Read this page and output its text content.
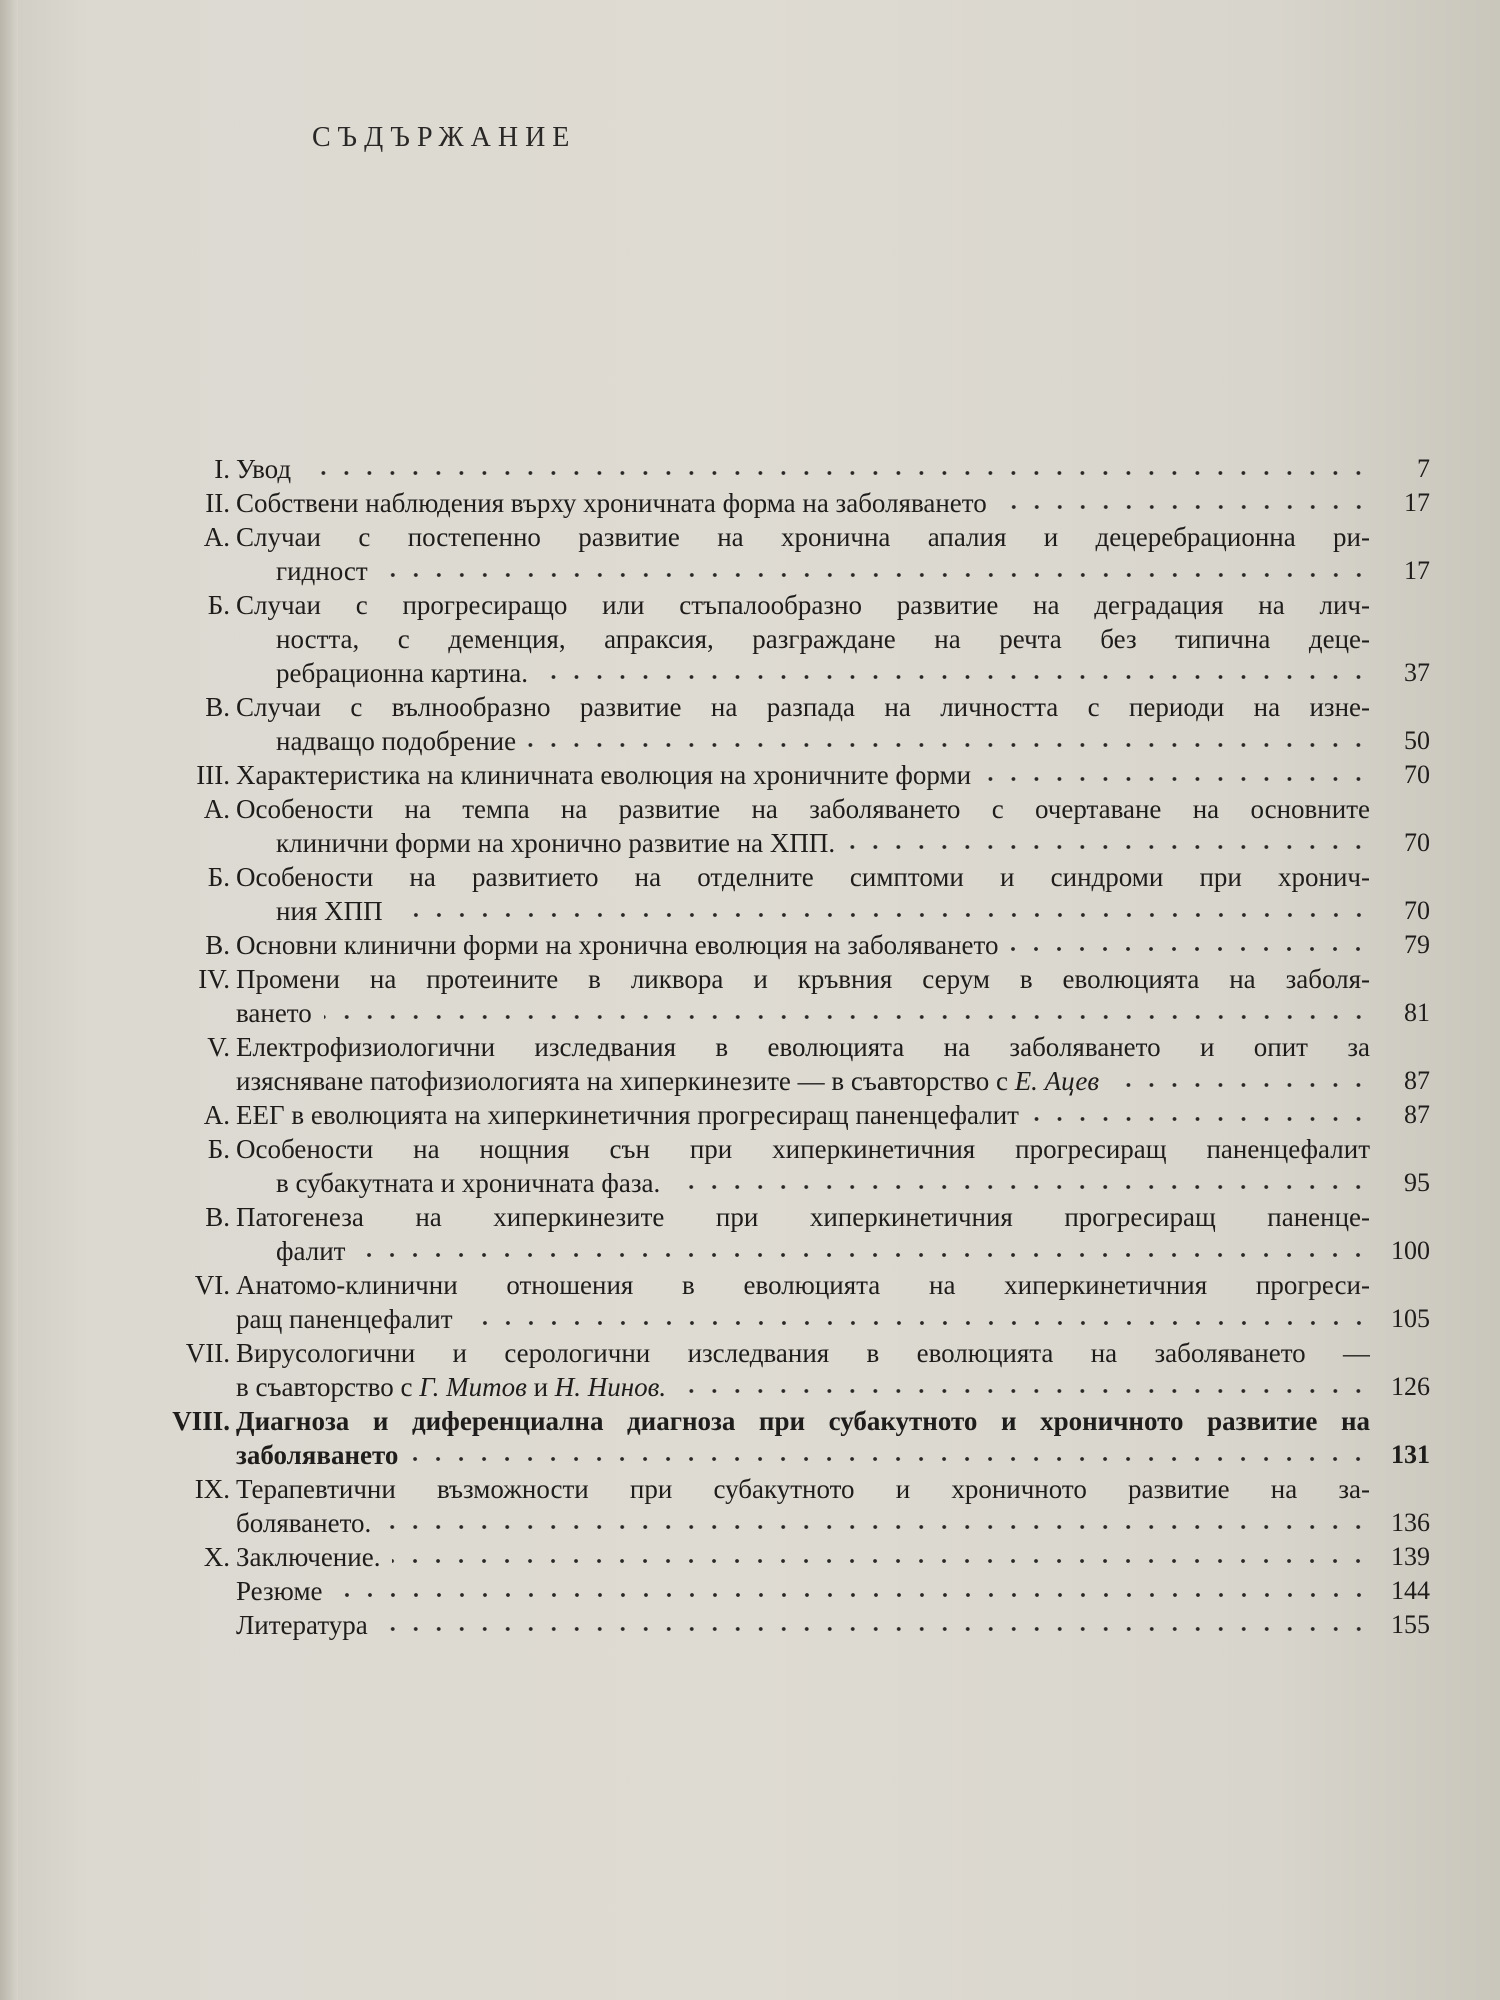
СЪДЪРЖАНИЕ
I. Увод	7
II. Собствени наблюдения върху хроничната форма на заболяването	17
А. Случаи с постепенно развитие на хронична апалия и децеребрационна ри-
гидност	17
Б. Случаи с прогресиращо или стъпалообразно развитие на деградация на лич-
ността, с деменция, апраксия, разграждане на речта без типична деце-
ребрационна картина.	37
В. Случаи с вълнообразно развитие на разпада на личността с периоди на изне-
надващо подобрение	50
III. Характеристика на клиничната еволюция на хроничните форми	70
А. Особености на темпа на развитие на заболяването с очертаване на основните
клинични форми на хронично развитие на ХПП.	70
Б. Особености на развитието на отделните симптоми и синдроми при хронич-
ния ХПП	70
В. Основни клинични форми на хронична еволюция на заболяването	79
IV. Промени на протеините в ликвора и кръвния серум в еволюцията на заболя-
ването	81
V. Електрофизиологични изследвания в еволюцията на заболяването и опит за
изясняване патофизиологията на хиперкинезите — в съавторство с Е. Ацев	87
А. ЕЕГ в еволюцията на хиперкинетичния прогресиращ паненцефалит	87
Б. Особености на нощния сън при хиперкинетичния прогресиращ паненцефалит
в субакутната и хроничната фаза.	95
В. Патогенеза на хиперкинезите при хиперкинетичния прогресиращ паненце-
фалит	100
VI. Анатомо-клинични отношения в еволюцията на хиперкинетичния прогреси-
ращ паненцефалит	105
VII. Вирусологични и серологични изследвания в еволюцията на заболяването —
в съавторство с Г. Митов и Н. Нинов.	126
VIII. Диагноза и диференциална диагноза при субакутното и хроничното развитие на
заболяването	131
IX. Терапевтични възможности при субакутното и хроничното развитие на за-
боляването.	136
X. Заключение.	139
Резюме	144
Литература	155
